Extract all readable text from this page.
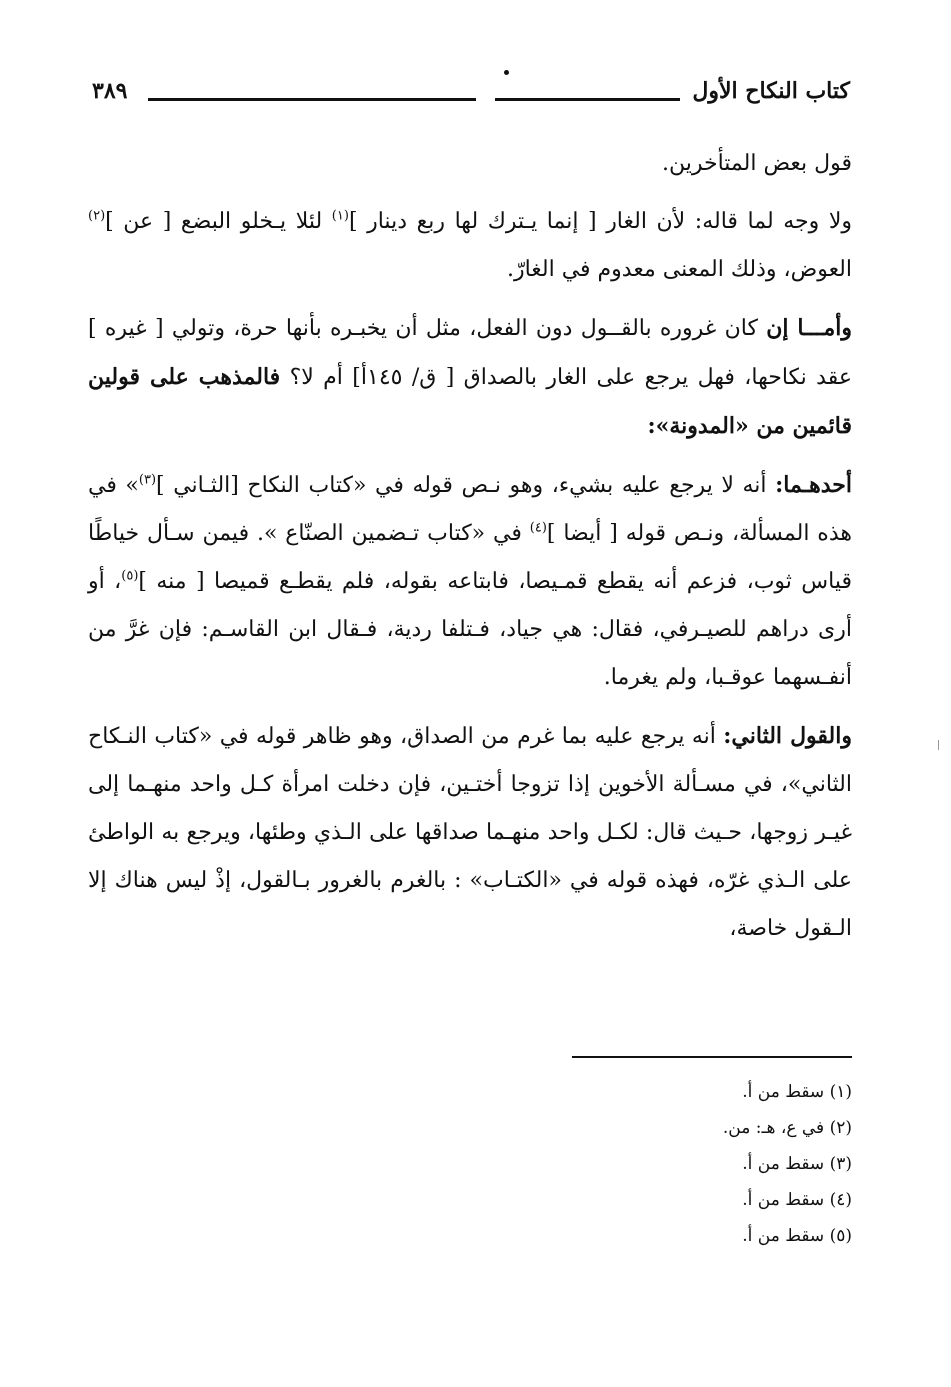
كتاب النكاح الأول
٣٨٩

قول بعض المتأخرين.

ولا وجه لما قاله: لأن الغار [ إنما يـترك لها ربع دينار ]$^{(١)}$ لئلا يـخلو البضع [ عن ]$^{(٢)}$ العوض، وذلك المعنى معدوم في الغارّ.

وأمـــا إن كان غروره بالقــول دون الفعل، مثل أن يخبـره بأنها حرة، وتولي [ غيره ] عقد نكاحها، فهل يرجع على الغار بالصداق [ ق/ ١٤٥أ] أم لا؟ فالمذهب على قولين قائمين من «المدونة»:

أحدهـما: أنه لا يرجع عليه بشيء، وهو نـص قوله في «كتاب النكاح [الثـاني ]$^{(٣)}$» في هذه المسألة، ونـص قوله [ أيضا ]$^{(٤)}$ في «كتاب تـضمين الصنّاع ». فيمن سـأل خياطًا قياس ثوب، فزعم أنه يقطع قمـيصا، فابتاعه بقوله، فلم يقطـع قميصا [ منه ]$^{(٥)}$، أو أرى دراهم للصيـرفي، فقال: هي جياد، فـتلفا ردية، فـقال ابن القاسـم: فإن غرَّ من أنفـسهما عوقـبا، ولم يغرما.

والقول الثاني: أنه يرجع عليه بما غرم من الصداق، وهو ظاهر قوله في «كتاب النـكاح الثاني»، في مسـألة الأخوين إذا تزوجا أختـين، فإن دخلت امرأة كـل واحد منهـما إلى غيـر زوجها، حـيث قال: لكـل واحد منهـما صداقها على الـذي وطئها، ويرجع به الواطئ على الـذي غرّه، فهذه قوله في «الكتـاب» : بالغرم بالغرور بـالقول، إذْ ليس هناك إلا الـقول خاصة،

(١) سقط من أ.
(٢) في ع، هـ: من.
(٣) سقط من أ.
(٤) سقط من أ.
(٥) سقط من أ.
